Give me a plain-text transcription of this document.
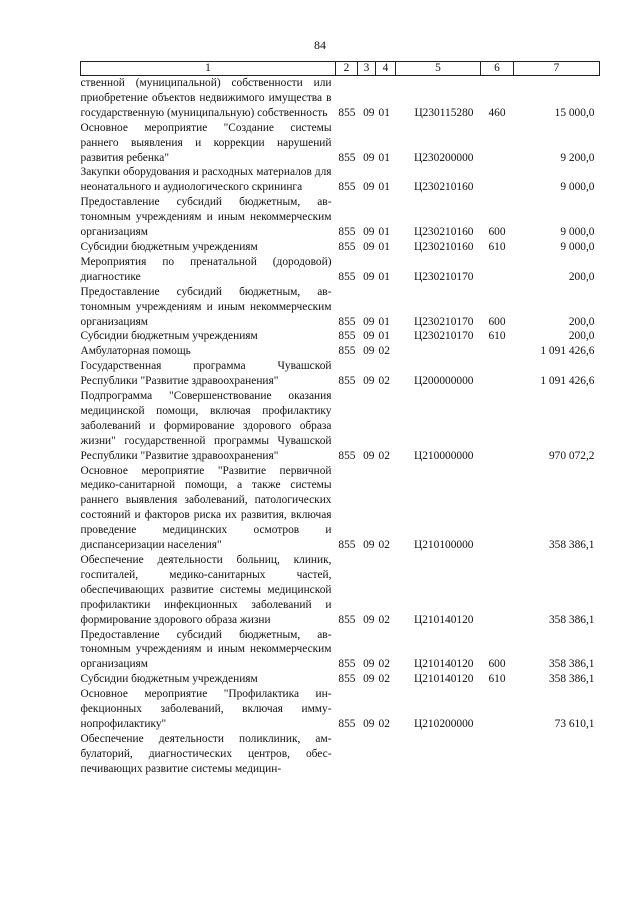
84
1	2	3	4	5	6	7
ственной (муниципальной) собственности или приобретение объектов недвижимого имущества в государственную (муниципальную) собственность	855	09	01	Ц230115280	460	15 000,0
Основное мероприятие "Создание системы раннего выявления и коррекции нарушений развития ребенка"	855	09	01	Ц230200000		9 200,0
Закупки оборудования и расходных материалов для неонатального и аудиологического скрининга	855	09	01	Ц230210160		9 000,0
Предоставление субсидий бюджетным, автономным учреждениям и иным некоммерческим организациям	855	09	01	Ц230210160	600	9 000,0
Субсидии бюджетным учреждениям	855	09	01	Ц230210160	610	9 000,0
Мероприятия по пренатальной (дородовой) диагностике	855	09	01	Ц230210170		200,0
Предоставление субсидий бюджетным, автономным учреждениям и иным некоммерческим организациям	855	09	01	Ц230210170	600	200,0
Субсидии бюджетным учреждениям	855	09	01	Ц230210170	610	200,0
Амбулаторная помощь	855	09	02			1 091 426,6
Государственная программа Чувашской Республики "Развитие здравоохранения"	855	09	02	Ц200000000		1 091 426,6
Подпрограмма "Совершенствование оказания медицинской помощи, включая профилактику заболеваний и формирование здорового образа жизни" государственной программы Чувашской Республики "Развитие здравоохранения"	855	09	02	Ц210000000		970 072,2
Основное мероприятие "Развитие первичной медико-санитарной помощи, а также системы раннего выявления заболеваний, патологических состояний и факторов риска их развития, включая проведение медицинских осмотров и диспансеризации населения"	855	09	02	Ц210100000		358 386,1
Обеспечение деятельности больниц, клиник, госпиталей, медико-санитарных частей, обеспечивающих развитие системы медицинской профилактики инфекционных заболеваний и формирование здорового образа жизни	855	09	02	Ц210140120		358 386,1
Предоставление субсидий бюджетным, автономным учреждениям и иным некоммерческим организациям	855	09	02	Ц210140120	600	358 386,1
Субсидии бюджетным учреждениям	855	09	02	Ц210140120	610	358 386,1
Основное мероприятие "Профилактика инфекционных заболеваний, включая иммунопрофилактику"	855	09	02	Ц210200000		73 610,1
Обеспечение деятельности поликлиник, амбулаторий, диагностических центров, обеспечивающих развитие системы медицин-						
